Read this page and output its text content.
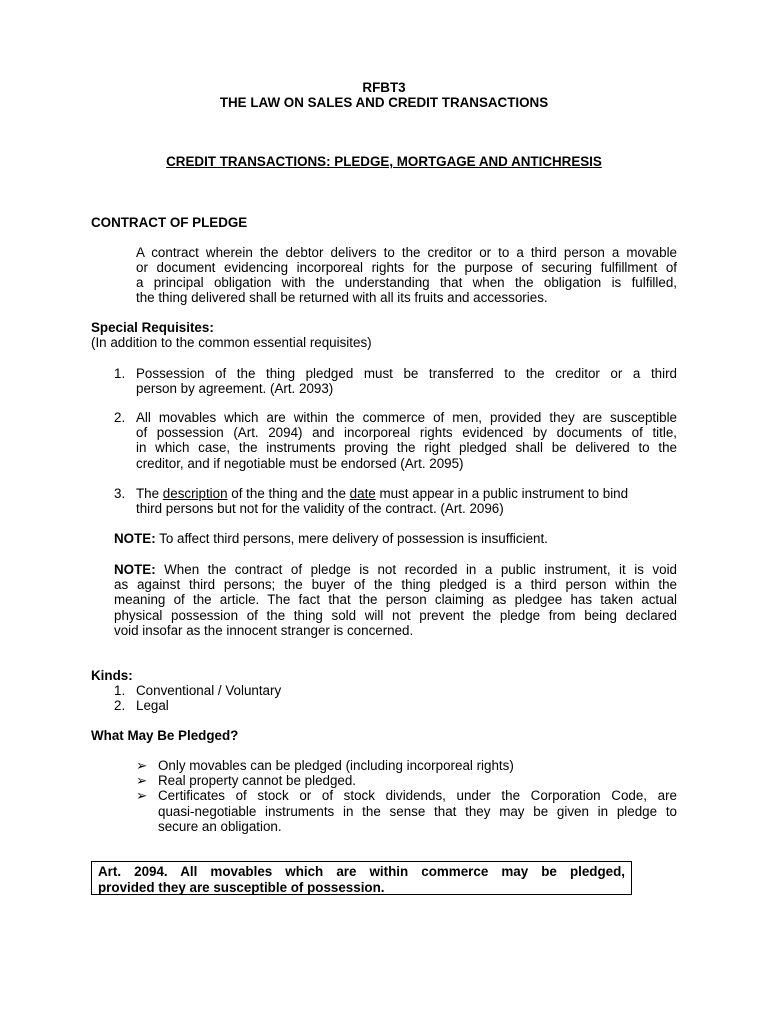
RFBT3
THE LAW ON SALES AND CREDIT TRANSACTIONS
CREDIT TRANSACTIONS: PLEDGE, MORTGAGE AND ANTICHRESIS
CONTRACT OF PLEDGE
A contract wherein the debtor delivers to the creditor or to a third person a movable
or document evidencing incorporeal rights for the purpose of securing fulfillment of
a principal obligation with the understanding that when the obligation is fulfilled,
the thing delivered shall be returned with all its fruits and accessories.
Special Requisites:
(In addition to the common essential requisites)
1. Possession of the thing pledged must be transferred to the creditor or a third
person by agreement. (Art. 2093)
2. All movables which are within the commerce of men, provided they are susceptible
of possession (Art. 2094) and incorporeal rights evidenced by documents of title,
in which case, the instruments proving the right pledged shall be delivered to the
creditor, and if negotiable must be endorsed (Art. 2095)
3. The description of the thing and the date must appear in a public instrument to bind
third persons but not for the validity of the contract. (Art. 2096)
NOTE: To affect third persons, mere delivery of possession is insufficient.
NOTE: When the contract of pledge is not recorded in a public instrument, it is void
as against third persons; the buyer of the thing pledged is a third person within the
meaning of the article. The fact that the person claiming as pledgee has taken actual
physical possession of the thing sold will not prevent the pledge from being declared
void insofar as the innocent stranger is concerned.
Kinds:
1. Conventional / Voluntary
2. Legal
What May Be Pledged?
➢ Only movables can be pledged (including incorporeal rights)
➢ Real property cannot be pledged.
➢ Certificates of stock or of stock dividends, under the Corporation Code, are
quasi-negotiable instruments in the sense that they may be given in pledge to
secure an obligation.
Art. 2094. All movables which are within commerce may be pledged,
provided they are susceptible of possession.
